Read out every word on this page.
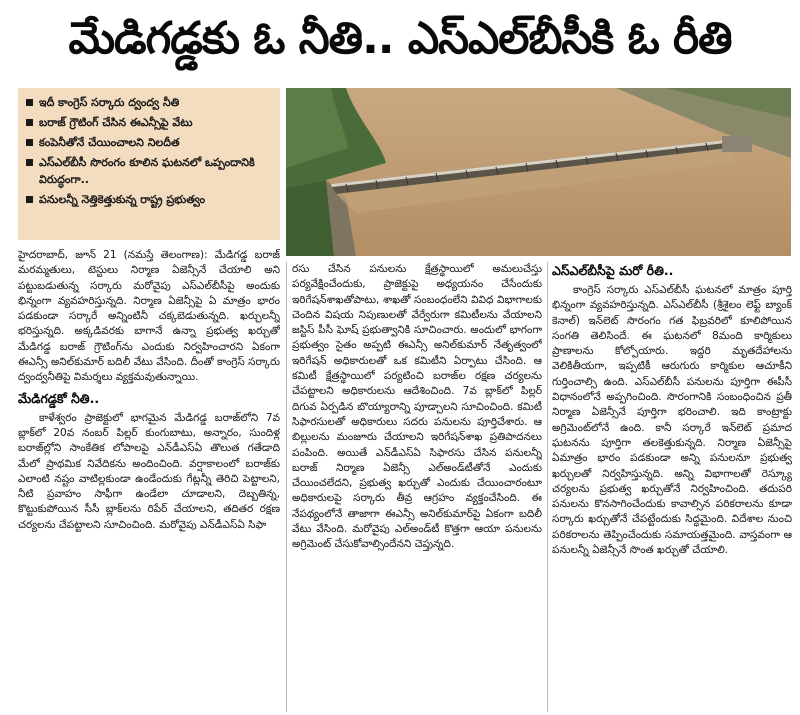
మేడిగడ్డకు ఓ నీతి.. ఎస్ఎల్‌బీసీకి ఓ రీతి
ఇదీ కాంగ్రెస్ సర్కారు ద్వంద్వ నీతి
బరాజ్ గ్రౌటింగ్ చేసిన ఈఎన్సీపై వేటు
కంపెనీతోనే చేయించాలని నిలదీత
ఎస్ఎల్‌బీసీ సొరంగం కూలిన ఘటనలో ఒప్పందానికి విరుద్ధంగా..
పనులన్నీ నెత్తికెత్తుకున్న రాష్ట్ర ప్రభుత్వం

హైదరాబాద్, జూన్ 21 (నమస్తే తెలంగాణ): మేడిగడ్డ బరాజ్ మరమ్మతులు, టెస్టులు నిర్మాణ ఏజెన్సీనే చేయాలి అని పట్టుబడుతున్న సర్కారు మరోవైపు ఎస్ఎల్‌బీసీపై అందుకు భిన్నంగా వ్యవహరిస్తున్నది. నిర్మాణ ఏజెన్సీపై ఏ మాత్రం భారం పడకుండా సర్కారే అన్నింటినీ చక్కబెడుతున్నది. ఖర్చులన్నీ భరిస్తున్నది. అక్కడివరకు బాగానే ఉన్నా ప్రభుత్వ ఖర్చుతో మేడిగడ్డ బరాజ్ గ్రౌటింగ్‌ను ఎందుకు నిర్వహించారని ఏకంగా ఈఎన్సీ అనిల్‌కుమార్ బదిలీ వేటు వేసింది. దీంతో కాంగ్రెస్ సర్కారు ద్వంద్వనీతిపై విమర్శలు వ్యక్తమవుతున్నాయి.

మేడిగడ్డకో నీతి..

కాళేశ్వరం ప్రాజెక్టులో భాగమైన మేడిగడ్డ బరాజ్‌లోని 7వ బ్లాక్‌లో 20వ నంబర్ పిల్లర్ కుంగుబాటు, అన్నారం, సుందిళ్ల బరాజ్‌ల్లోని సాంకేతిక లోపాలపై ఎన్‌డీఎస్‌ఏ తొలుత గతేడాది మేలో ప్రాథమిక నివేదికను అందించింది. వర్షాకాలంలో బరాజ్‌కు ఎలాంటి నష్టం వాటిల్లకుండా ఉండేందుకు గేట్లన్నీ తెరిచి పెట్టాలని, నీటి ప్రవాహం సాఫీగా ఉండేలా చూడాలని, దెబ్బతిన్న, కొట్టుకుపోయిన సీసీ బ్లాక్‌లను రిపేర్ చేయాలని, తదితర రక్షణ చర్యలను చేపట్టాలని సూచించింది. మరోవైపు ఎన్‌డీఎస్‌ఏ సిఫా

రసు చేసిన పనులను క్షేత్రస్థాయిలో అమలుచేస్తు పర్యవేక్షించేందుకు, ప్రాజెక్టుపై అధ్యయనం చేసేందుకు ఇరిగేషన్‌శాఖతోపాటు, శాఖతో సంబంధంలేని వివిధ విభాగాలకు చెందిన విషయ నిపుణులతో వేర్వేరుగా కమిటీలను వేయాలని జస్టిస్ పీసీ ఘోష్ ప్రభుత్వానికి సూచించారు. అందులో భాగంగా ప్రభుత్వం సైతం అప్పటి ఈఎన్సీ అనిల్‌కుమార్ నేతృత్వంలో ఇరిగేషన్ అధికారులతో ఒక కమిటీని ఏర్పాటు చేసింది. ఆ కమిటీ క్షేత్రస్థాయిలో పర్యటించి బరాజ్‌ల రక్షణ చర్యలను చేపట్టాలని అధికారులను ఆదేశించింది. 7వ బ్లాక్‌లో పిల్లర్ దిగువ ఏర్పడిన బొయ్యారాన్ని పూడ్చాలని సూచించింది. కమిటీ సిఫారసులతో అధికారులు సదరు పనులను పూర్తిచేశారు. ఆ బిల్లులను మంజూరు చేయాలని ఇరిగేషన్‌శాఖ ప్రతిపాదనలు పంపింది. అయితే ఎన్‌డీఎస్‌ఏ సిఫారసు చేసిన పనులన్నీ బరాజ్ నిర్మాణ ఏజెన్సీ ఎల్అండ్‌టీతోనే ఎందుకు చేయించలేదని, ప్రభుత్వ ఖర్చుతో ఎందుకు చేయించారంటూ అధికారులపై సర్కారు తీవ్ర ఆగ్రహం వ్యక్తంచేసింది. ఈ నేపథ్యంలోనే తాజాగా ఈఎన్సీ అనిల్‌కుమార్‌పై ఏకంగా బదిలీ వేటు వేసింది. మరోవైపు ఎల్అండ్‌టీ కొత్తగా ఆయా పనులను అగ్రిమెంట్ చేసుకోవాల్సిందేనని చెప్తున్నది.

ఎస్ఎల్‌బీసీపై మరో రీతి..

కాంగ్రెస్ సర్కారు ఎస్ఎల్‌బీసీ ఘటనలో మాత్రం పూర్తి భిన్నంగా వ్యవహరిస్తున్నది. ఎస్ఎల్‌బీసీ (శ్రీశైలం లెఫ్ట్ బ్యాంక్ కెనాల్) ఇన్‌లెట్ సొరంగం గత ఫిబ్రవరిలో కూలిపోయిన సంగతి తెలిసిందే. ఈ ఘటనలో 8మంది కార్మికులు ప్రాణాలను కోల్పోయారు. ఇద్దరి మృతదేహాలను వెలికితీయగా, ఇప్పటికీ ఆరుగురు కార్మికుల ఆచూకీని గుర్తించాల్సి ఉంది. ఎస్ఎల్‌బీసీ పనులను పూర్తిగా ఈపీసీ విధానంలోనే అప్పగించింది. సొరంగానికి సంబంధించిన ప్రతీ నిర్మాణ ఏజెన్సీనే పూర్తిగా భరించాలి. ఇది కాంట్రాక్టు అగ్రిమెంట్‌లోనే ఉంది. కానీ సర్కారే ఇన్‌లెట్ ప్రమాద ఘటనను పూర్తిగా తలకెత్తుకున్నది. నిర్మాణ ఏజెన్సీపై ఏమాత్రం భారం పడకుండా అన్ని పనులనూ ప్రభుత్వ ఖర్చులతో నిర్వహిస్తున్నది. అన్ని విభాగాలతో రెస్క్యూ చర్యలను ప్రభుత్వ ఖర్చుతోనే నిర్వహించింది. తదుపరి పనులను కొనసాగించేందుకు కావాల్సిన పరికరాలను కూడా సర్కారు ఖర్చుతోనే చేపట్టేందుకు సిద్ధమైంది. విదేశాల నుంచి పరికరాలను తెప్పించేందుకు సమాయత్తమైంది. వాస్తవంగా ఆ పనులన్నీ ఏజెన్సీనే సొంత ఖర్చుతో చేయాలి.
